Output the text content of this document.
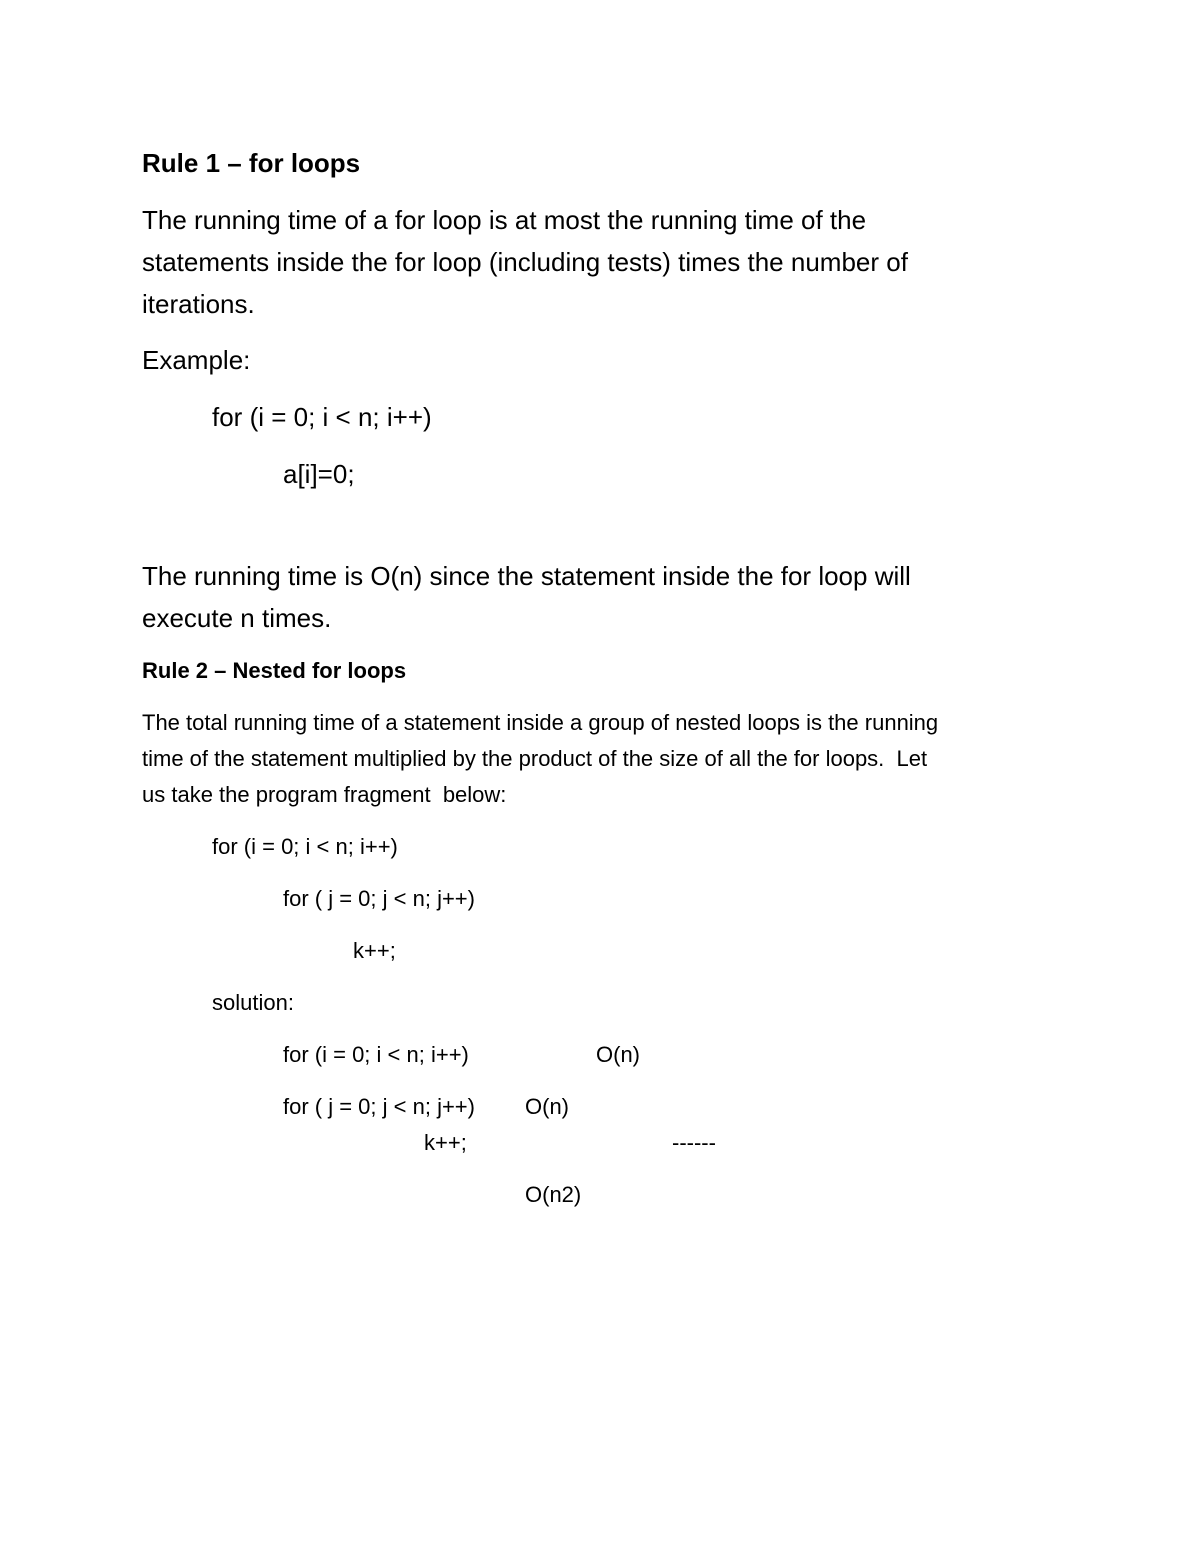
Rule 1 – for loops
The running time of a for loop is at most the running time of the
statements inside the for loop (including tests) times the number of
iterations.
Example:
for (i = 0; i < n; i++)
a[i]=0;
The running time is O(n) since the statement inside the for loop will
execute n times.
Rule 2 – Nested for loops
The total running time of a statement inside a group of nested loops is the running
time of the statement multiplied by the product of the size of all the for loops.  Let
us take the program fragment  below:
for (i = 0; i < n; i++)
for ( j = 0; j < n; j++)
k++;
solution:
for (i = 0; i < n; i++)	O(n)
for ( j = 0; j < n; j++) O(n)
k++;	------
O(n2)
